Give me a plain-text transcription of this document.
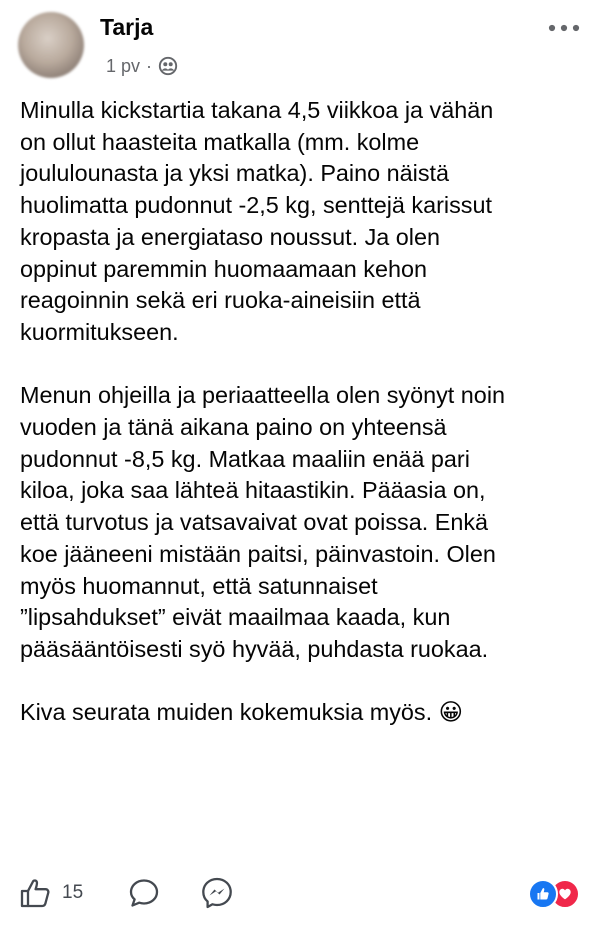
Tarja
1 pv ·

Minulla kickstartia takana 4,5 viikkoa ja vähän
on ollut haasteita matkalla (mm. kolme
joululounasta ja yksi matka). Paino näistä
huolimatta pudonnut -2,5 kg, senttejä karissut
kropasta ja energiataso noussut. Ja olen
oppinut paremmin huomaamaan kehon
reagoinnin sekä eri ruoka-aineisiin että
kuormitukseen.

Menun ohjeilla ja periaatteella olen syönyt noin
vuoden ja tänä aikana paino on yhteensä
pudonnut -8,5 kg. Matkaa maaliin enää pari
kiloa, joka saa lähteä hitaastikin. Pääasia on,
että turvotus ja vatsavaivat ovat poissa. Enkä
koe jääneeni mistään paitsi, päinvastoin. Olen
myös huomannut, että satunnaiset
”lipsahdukset” eivät maailmaa kaada, kun
pääsääntöisesti syö hyvää, puhdasta ruokaa.

Kiva seurata muiden kokemuksia myös. 😀

15
